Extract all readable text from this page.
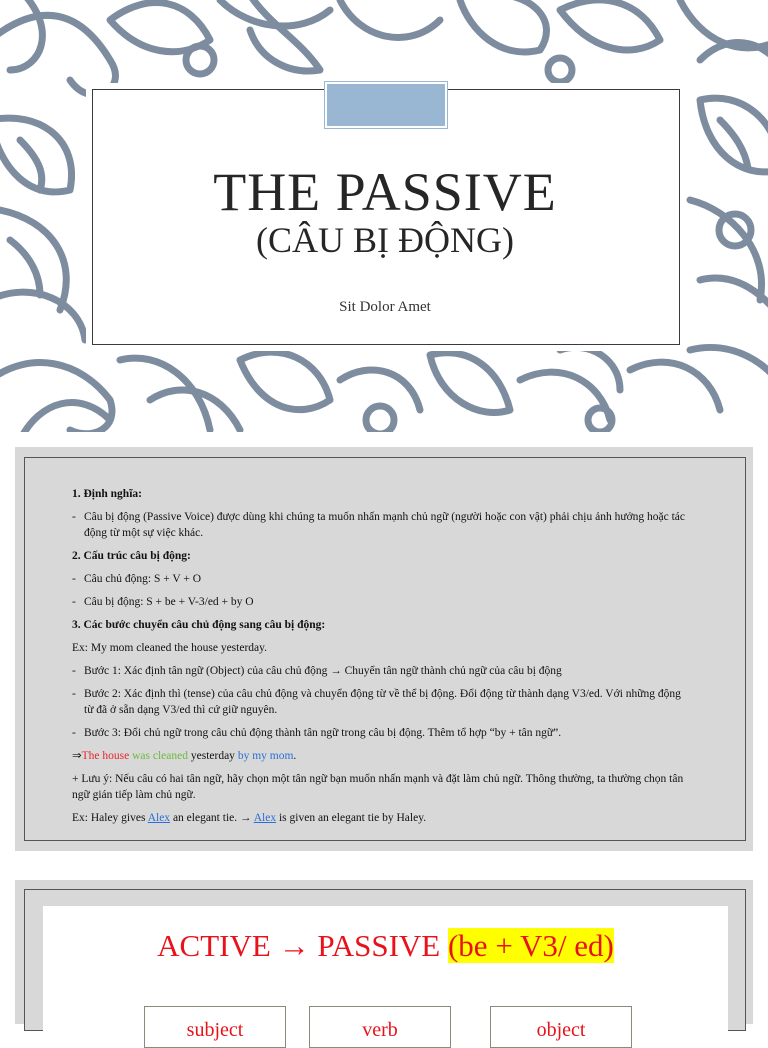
THE PASSIVE
(CÂU BỊ ĐỘNG)
Sit Dolor Amet
1. Định nghĩa:
- Câu bị động (Passive Voice) được dùng khi chúng ta muốn nhấn mạnh chủ ngữ (người hoặc con vật) phải chịu ảnh hưởng hoặc tác động từ một sự việc khác.
2. Cấu trúc câu bị động:
- Câu chủ động: S + V + O
- Câu bị động: S + be + V-3/ed + by O
3. Các bước chuyển câu chủ động sang câu bị động:
Ex: My mom cleaned the house yesterday.
- Bước 1: Xác định tân ngữ (Object) của câu chủ động → Chuyển tân ngữ thành chủ ngữ của câu bị động
- Bước 2: Xác định thì (tense) của câu chủ động và chuyển động từ về thể bị động. Đổi động từ thành dạng V3/ed. Với những động từ đã ở sẵn dạng V3/ed thì cứ giữ nguyên.
- Bước 3: Đổi chủ ngữ trong câu chủ động thành tân ngữ trong câu bị động. Thêm tổ hợp “by + tân ngữ”.
⇒The house was cleaned yesterday by my mom.
+ Lưu ý: Nếu câu có hai tân ngữ, hãy chọn một tân ngữ bạn muốn nhấn mạnh và đặt làm chủ ngữ. Thông thường, ta thường chọn tân ngữ gián tiếp làm chủ ngữ.
Ex: Haley gives Alex an elegant tie. → Alex is given an elegant tie by Haley.
ACTIVE → PASSIVE (be + V3/ ed)
subject	verb	object
